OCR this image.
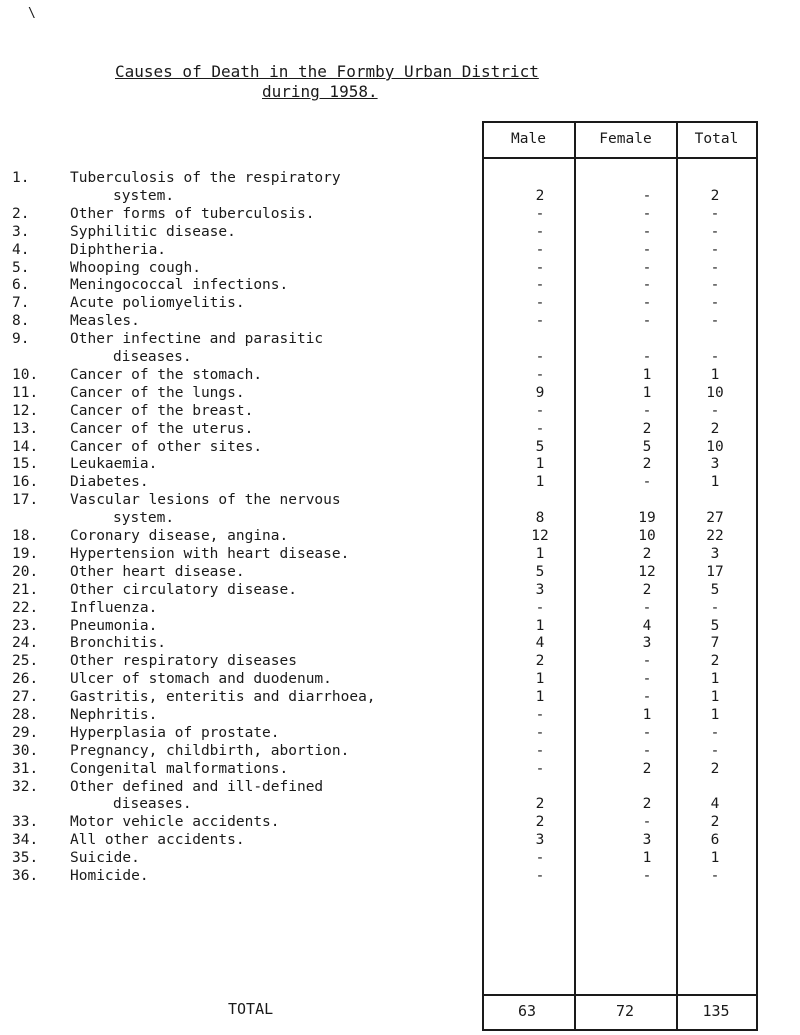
\
Causes of Death in the Formby Urban District
during 1958.
Male	Female	Total
1.	Tuberculosis of the respiratory
system.	2	-	2
2.	Other forms of tuberculosis.	-	-	-
3.	Syphilitic disease.	-	-	-
4.	Diphtheria.	-	-	-
5.	Whooping cough.	-	-	-
6.	Meningococcal infections.	-	-	-
7.	Acute poliomyelitis.	-	-	-
8.	Measles.	-	-	-
9.	Other infectine and parasitic
diseases.	-	-	-
10.	Cancer of the stomach.	-	1	1
11.	Cancer of the lungs.	9	1	10
12.	Cancer of the breast.	-	-	-
13.	Cancer of the uterus.	-	2	2
14.	Cancer of other sites.	5	5	10
15.	Leukaemia.	1	2	3
16.	Diabetes.	1	-	1
17.	Vascular lesions of the nervous
system.	8	19	27
18.	Coronary disease, angina.	12	10	22
19.	Hypertension with heart disease.	1	2	3
20.	Other heart disease.	5	12	17
21.	Other circulatory disease.	3	2	5
22.	Influenza.	-	-	-
23.	Pneumonia.	1	4	5
24.	Bronchitis.	4	3	7
25.	Other respiratory diseases	2	-	2
26.	Ulcer of stomach and duodenum.	1	-	1
27.	Gastritis, enteritis and diarrhoea,	1	-	1
28.	Nephritis.	-	1	1
29.	Hyperplasia of prostate.	-	-	-
30.	Pregnancy, childbirth, abortion.	-	-	-
31.	Congenital malformations.	-	2	2
32.	Other defined and ill-defined
diseases.	2	2	4
33.	Motor vehicle accidents.	2	-	2
34.	All other accidents.	3	3	6
35.	Suicide.	-	1	1
36.	Homicide.	-	-	-
TOTAL	63	72	135
